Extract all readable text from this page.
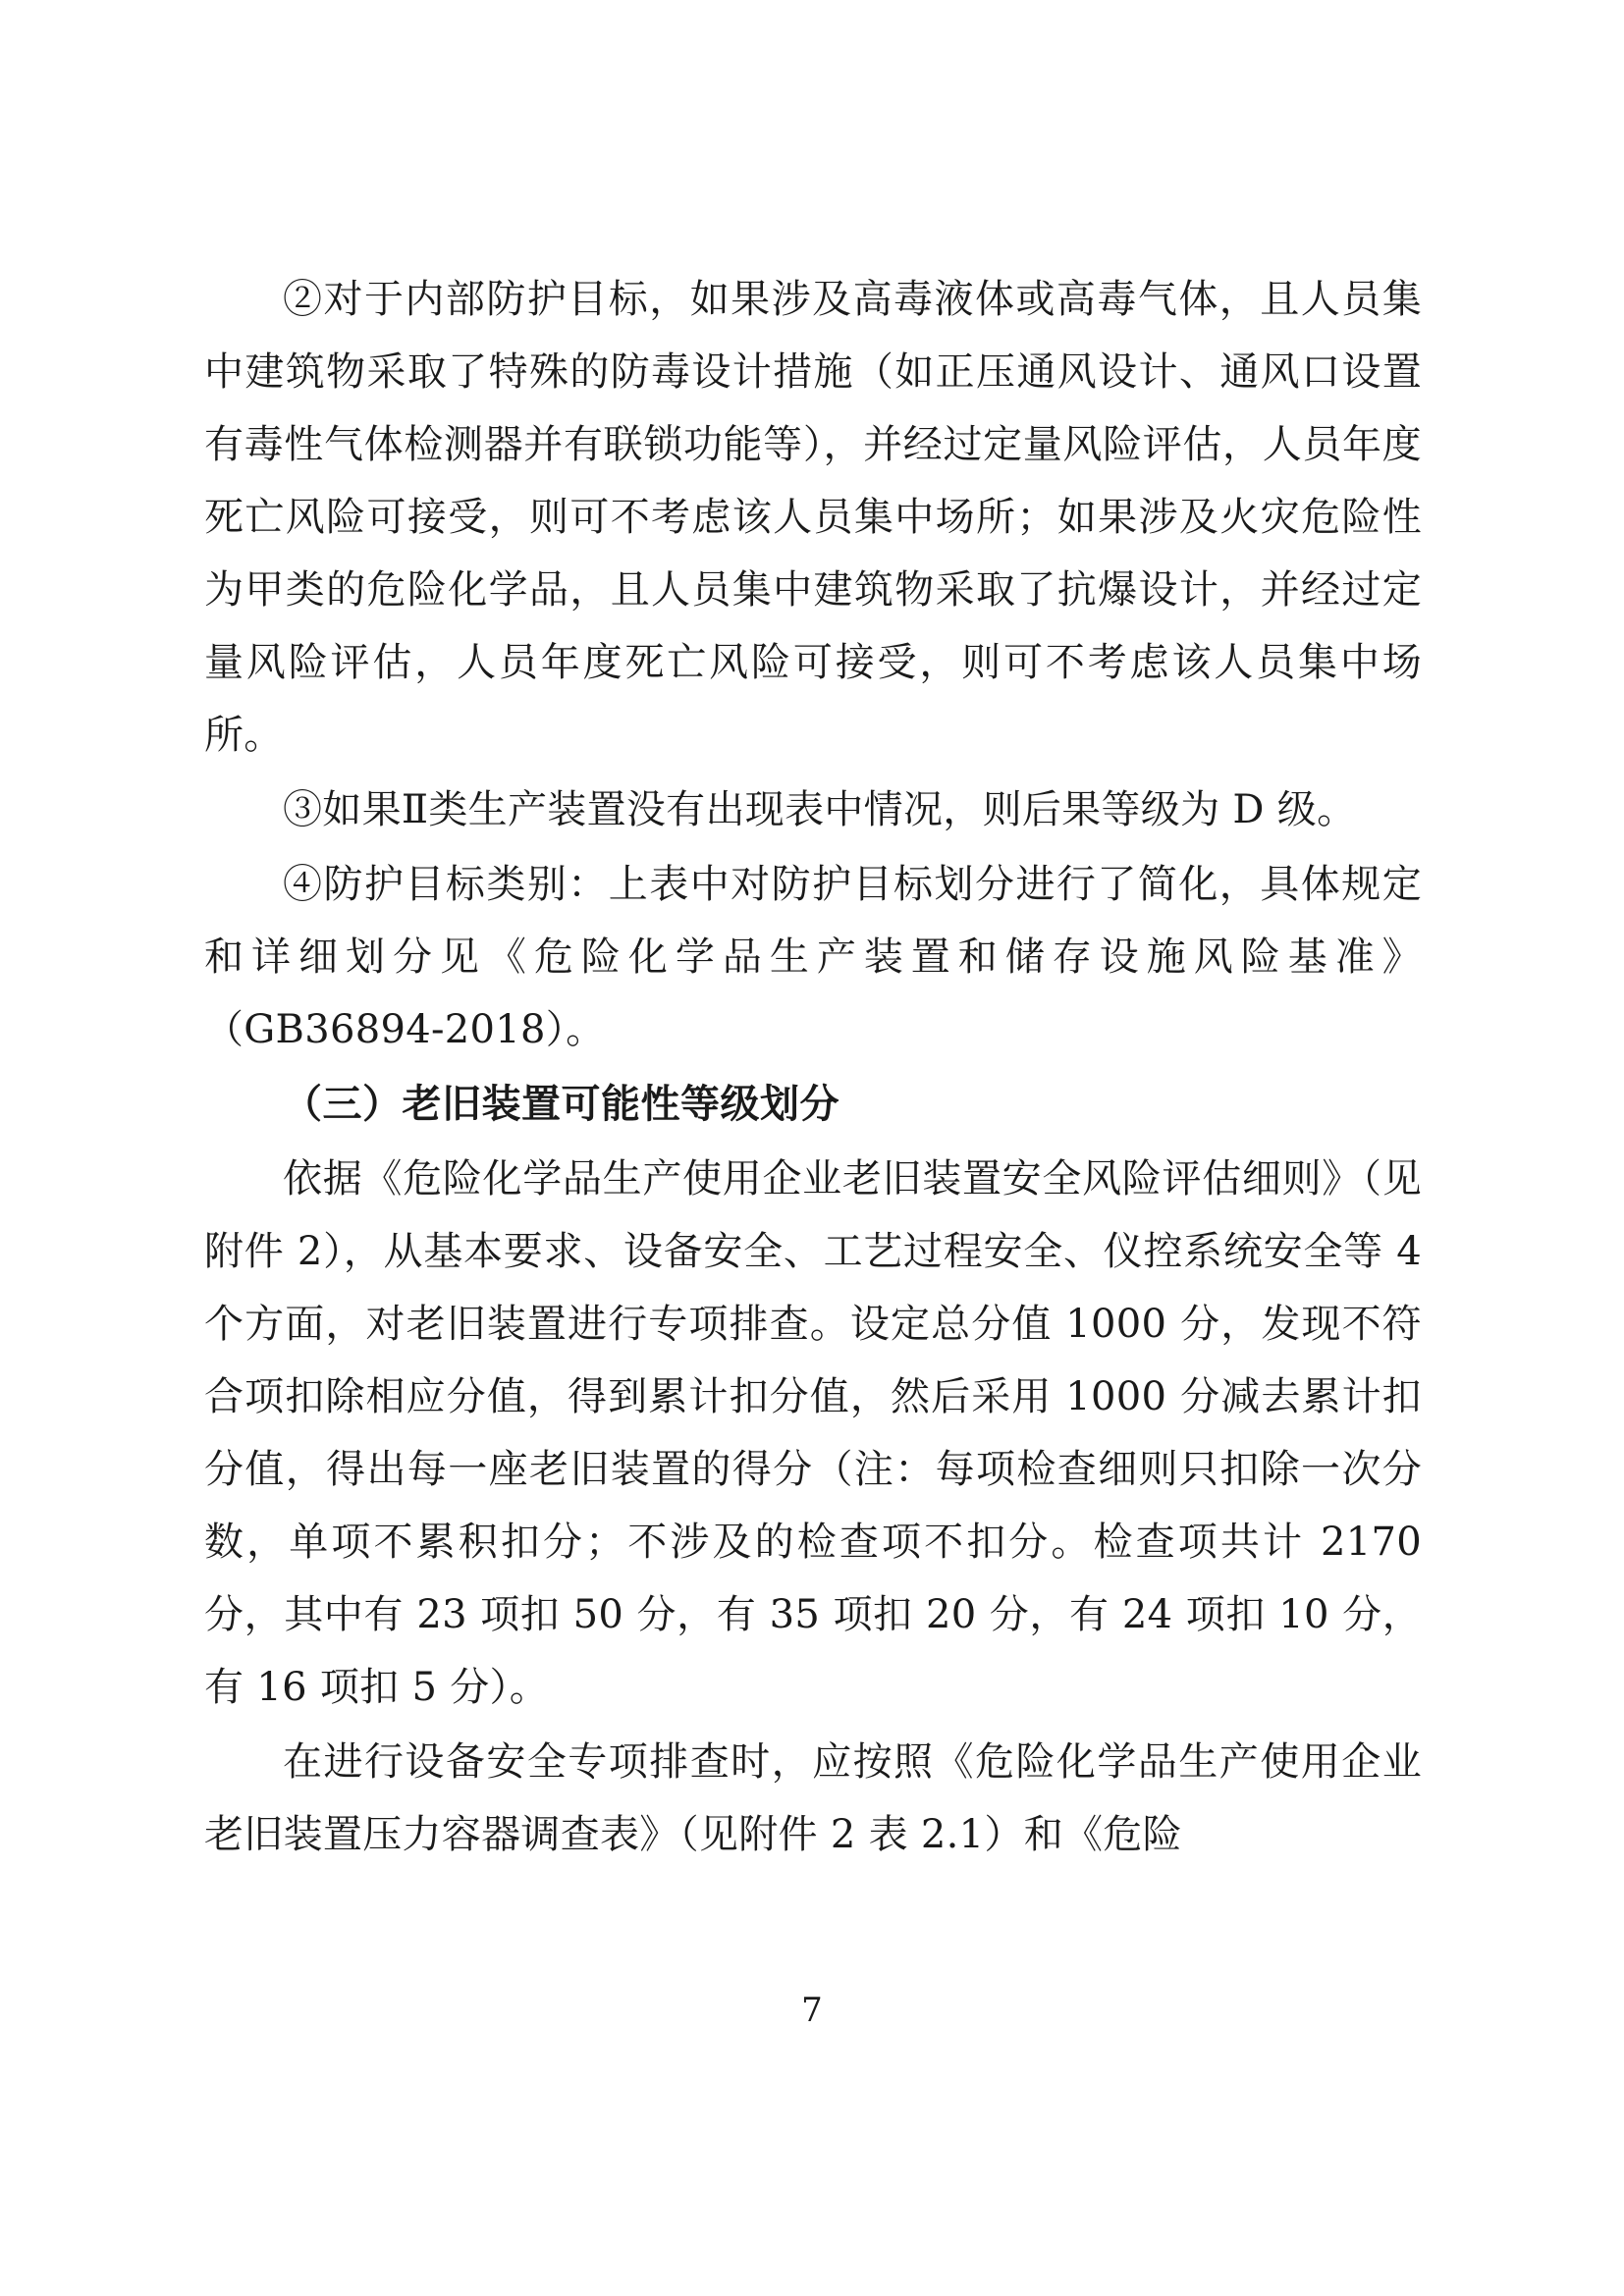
②对于内部防护目标，如果涉及高毒液体或高毒气体，且人员集中建筑物采取了特殊的防毒设计措施（如正压通风设计、通风口设置有毒性气体检测器并有联锁功能等），并经过定量风险评估，人员年度死亡风险可接受，则可不考虑该人员集中场所；如果涉及火灾危险性为甲类的危险化学品，且人员集中建筑物采取了抗爆设计，并经过定量风险评估，人员年度死亡风险可接受，则可不考虑该人员集中场所。

③如果Ⅱ类生产装置没有出现表中情况，则后果等级为 D 级。

④防护目标类别：上表中对防护目标划分进行了简化，具体规定和详细划分见《危险化学品生产装置和储存设施风险基准》（GB36894-2018）。

（三）老旧装置可能性等级划分

依据《危险化学品生产使用企业老旧装置安全风险评估细则》（见附件 2），从基本要求、设备安全、工艺过程安全、仪控系统安全等 4 个方面，对老旧装置进行专项排查。设定总分值 1000 分，发现不符合项扣除相应分值，得到累计扣分值，然后采用 1000 分减去累计扣分值，得出每一座老旧装置的得分（注：每项检查细则只扣除一次分数，单项不累积扣分；不涉及的检查项不扣分。检查项共计 2170 分，其中有 23 项扣 50 分，有 35 项扣 20 分，有 24 项扣 10 分，有 16 项扣 5 分）。

在进行设备安全专项排查时，应按照《危险化学品生产使用企业老旧装置压力容器调查表》（见附件 2 表 2.1）和《危险

7
